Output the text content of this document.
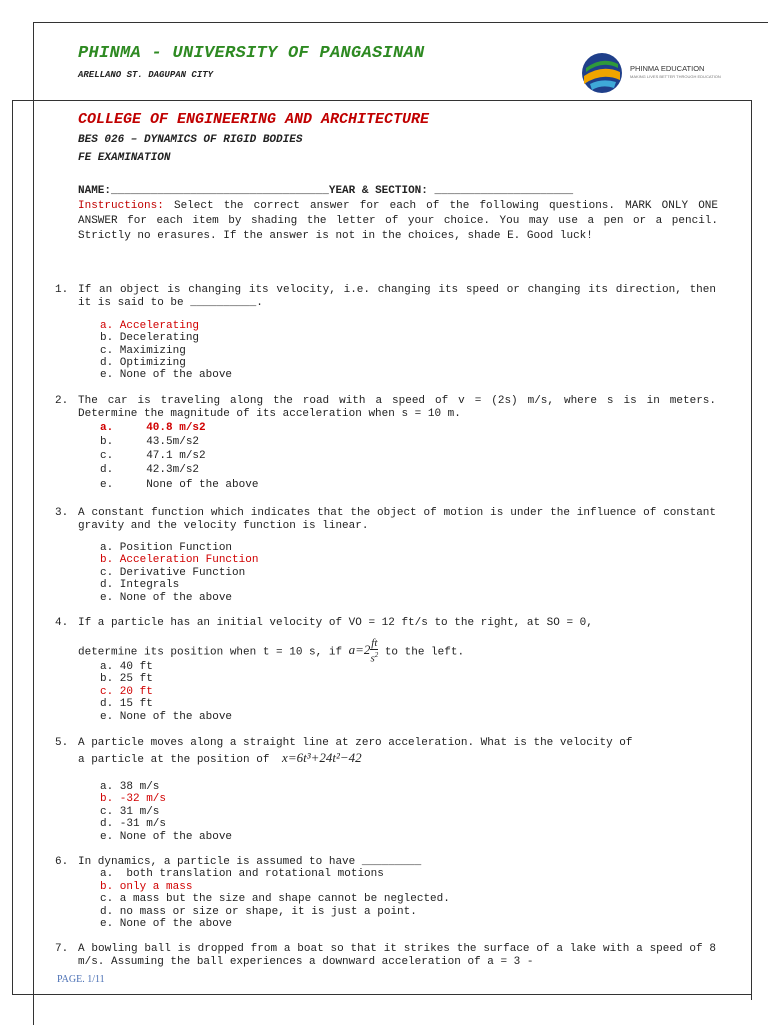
PHINMA - UNIVERSITY OF PANGASINAN
ARELLANO ST. DAGUPAN CITY
PHINMA EDUCATION
MAKING LIVES BETTER THROUGH EDUCATION
COLLEGE OF ENGINEERING AND ARCHITECTURE
BES 026 – DYNAMICS OF RIGID BODIES
FE EXAMINATION
NAME:_________________________________YEAR & SECTION: _____________________
Instructions: Select the correct answer for each of the following questions. MARK ONLY ONE ANSWER for each item by shading the letter of your choice. You may use a pen or a pencil. Strictly no erasures. If the answer is not in the choices, shade E. Good luck!
1. If an object is changing its velocity, i.e. changing its speed or changing its direction, then it is said to be __________.
a. Accelerating
b. Decelerating
c. Maximizing
d. Optimizing
e. None of the above
2. The car is traveling along the road with a speed of v = (2s) m/s, where s is in meters. Determine the magnitude of its acceleration when s = 10 m.
a.     40.8 m/s2
b.     43.5m/s2
c.     47.1 m/s2
d.     42.3m/s2
e.     None of the above
3. A constant function which indicates that the object of motion is under the influence of constant gravity and the velocity function is linear.
a. Position Function
b. Acceleration Function
c. Derivative Function
d. Integrals
e. None of the above
4. If a particle has an initial velocity of VO = 12 ft/s to the right, at SO = 0,
determine its position when t = 10 s, if $a=2 \frac{ft}{s^2}$ to the left.
a. 40 ft
b. 25 ft
c. 20 ft
d. 15 ft
e. None of the above
5. A particle moves along a straight line at zero acceleration. What is the velocity of
a particle at the position of x=6t³+24t²−42
a. 38 m/s
b. -32 m/s
c. 31 m/s
d. -31 m/s
e. None of the above
6. In dynamics, a particle is assumed to have _________
a.  both translation and rotational motions
b. only a mass
c. a mass but the size and shape cannot be neglected.
d. no mass or size or shape, it is just a point.
e. None of the above
7. A bowling ball is dropped from a boat so that it strikes the surface of a lake with a speed of 8 m/s. Assuming the ball experiences a downward acceleration of a = 3 -
PAGE. 1/11
